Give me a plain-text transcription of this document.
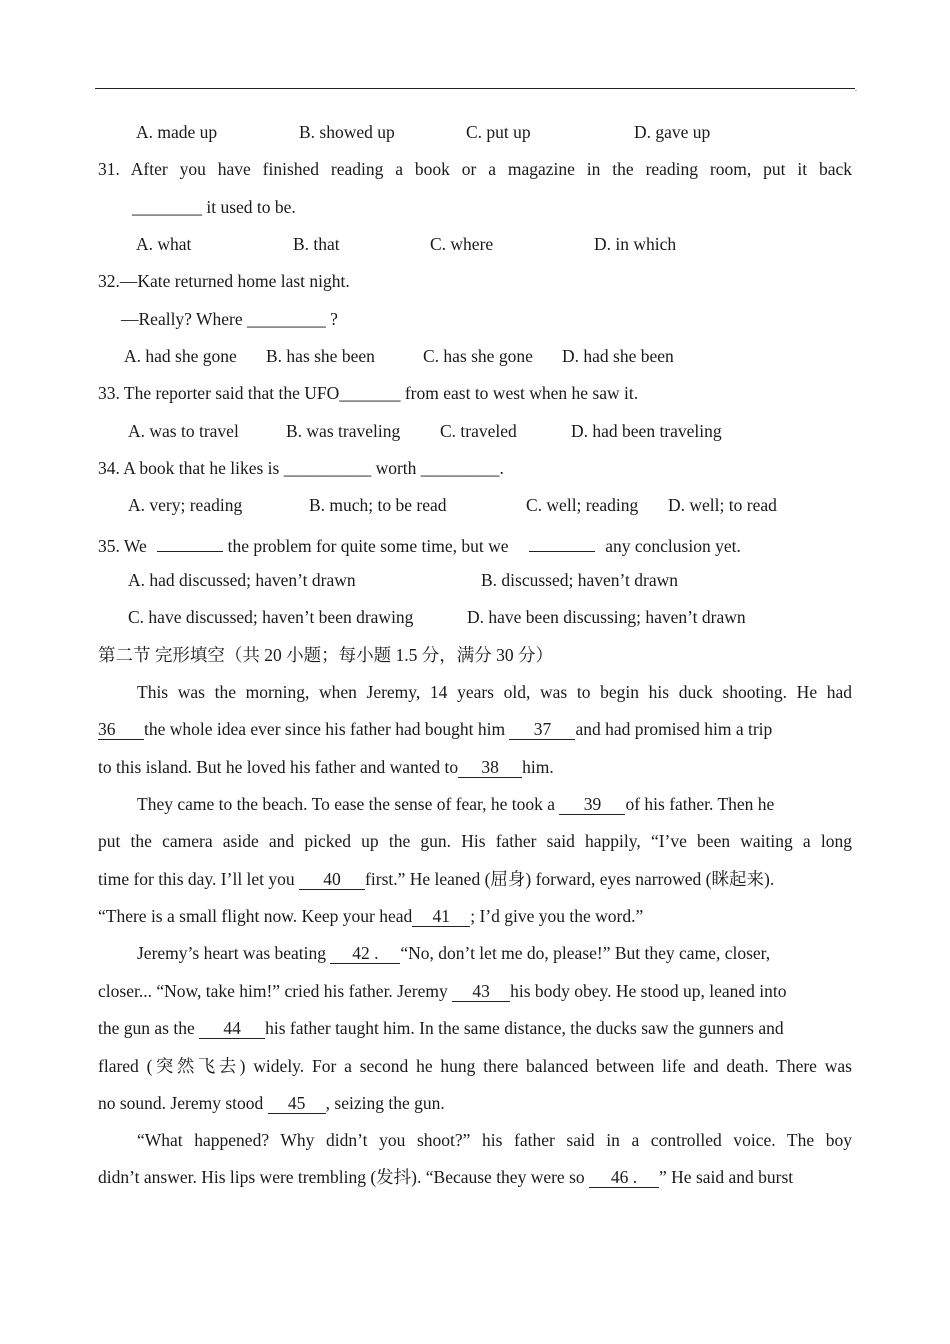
.
A. made up	B. showed up	C. put up	D. gave up
31. After you have finished reading a book or a magazine in the reading room, put it back
________ it used to be.
A. what	B. that	C. where	D. in which
32.—Kate returned home last night.
—Really? Where _________ ?
A. had she gone B. has she been	C. has she gone D. had she been
33. The reporter said that the UFO_______ from east to west when he saw it.
A. was to travel	B. was traveling C. traveled	D. had been traveling
34. A book that he likes is __________ worth _________.
A. very; reading	B. much; to be read	C. well; reading D. well; to read
35. We	the problem for quite some time, but we	any conclusion yet.
A. had discussed; haven’t drawn	B. discussed; haven’t drawn
C. have discussed; haven’t been drawing	D. have been discussing; haven’t drawn
第二节 完形填空（共 20 小题；每小题 1.5 分，满分 30 分）
This was the morning, when Jeremy, 14 years old, was to begin his duck shooting. He had
36 the whole idea ever since his father had bought him 37 and had promised him a trip
to this island. But he loved his father and wanted to 38 him.
They came to the beach. To ease the sense of fear, he took a 39 of his father. Then he
put the camera aside and picked up the gun. His father said happily, “I’ve been waiting a long
time for this day. I’ll let you 40 first.” He leaned (屈身) forward, eyes narrowed (眯起来).
“There is a small flight now. Keep your head 41 ; I’d give you the word.”
Jeremy’s heart was beating 42 . “No, don’t let me do, please!” But they came, closer,
closer... “Now, take him!” cried his father. Jeremy 43 his body obey. He stood up, leaned into
the gun as the 44 his father taught him. In the same distance, the ducks saw the gunners and
flared (突然飞去) widely. For a second he hung there balanced between life and death. There was
no sound. Jeremy stood 45 , seizing the gun.
“What happened? Why didn’t you shoot?” his father said in a controlled voice. The boy
didn’t answer. His lips were trembling (发抖). “Because they were so 46 . ” He said and burst
